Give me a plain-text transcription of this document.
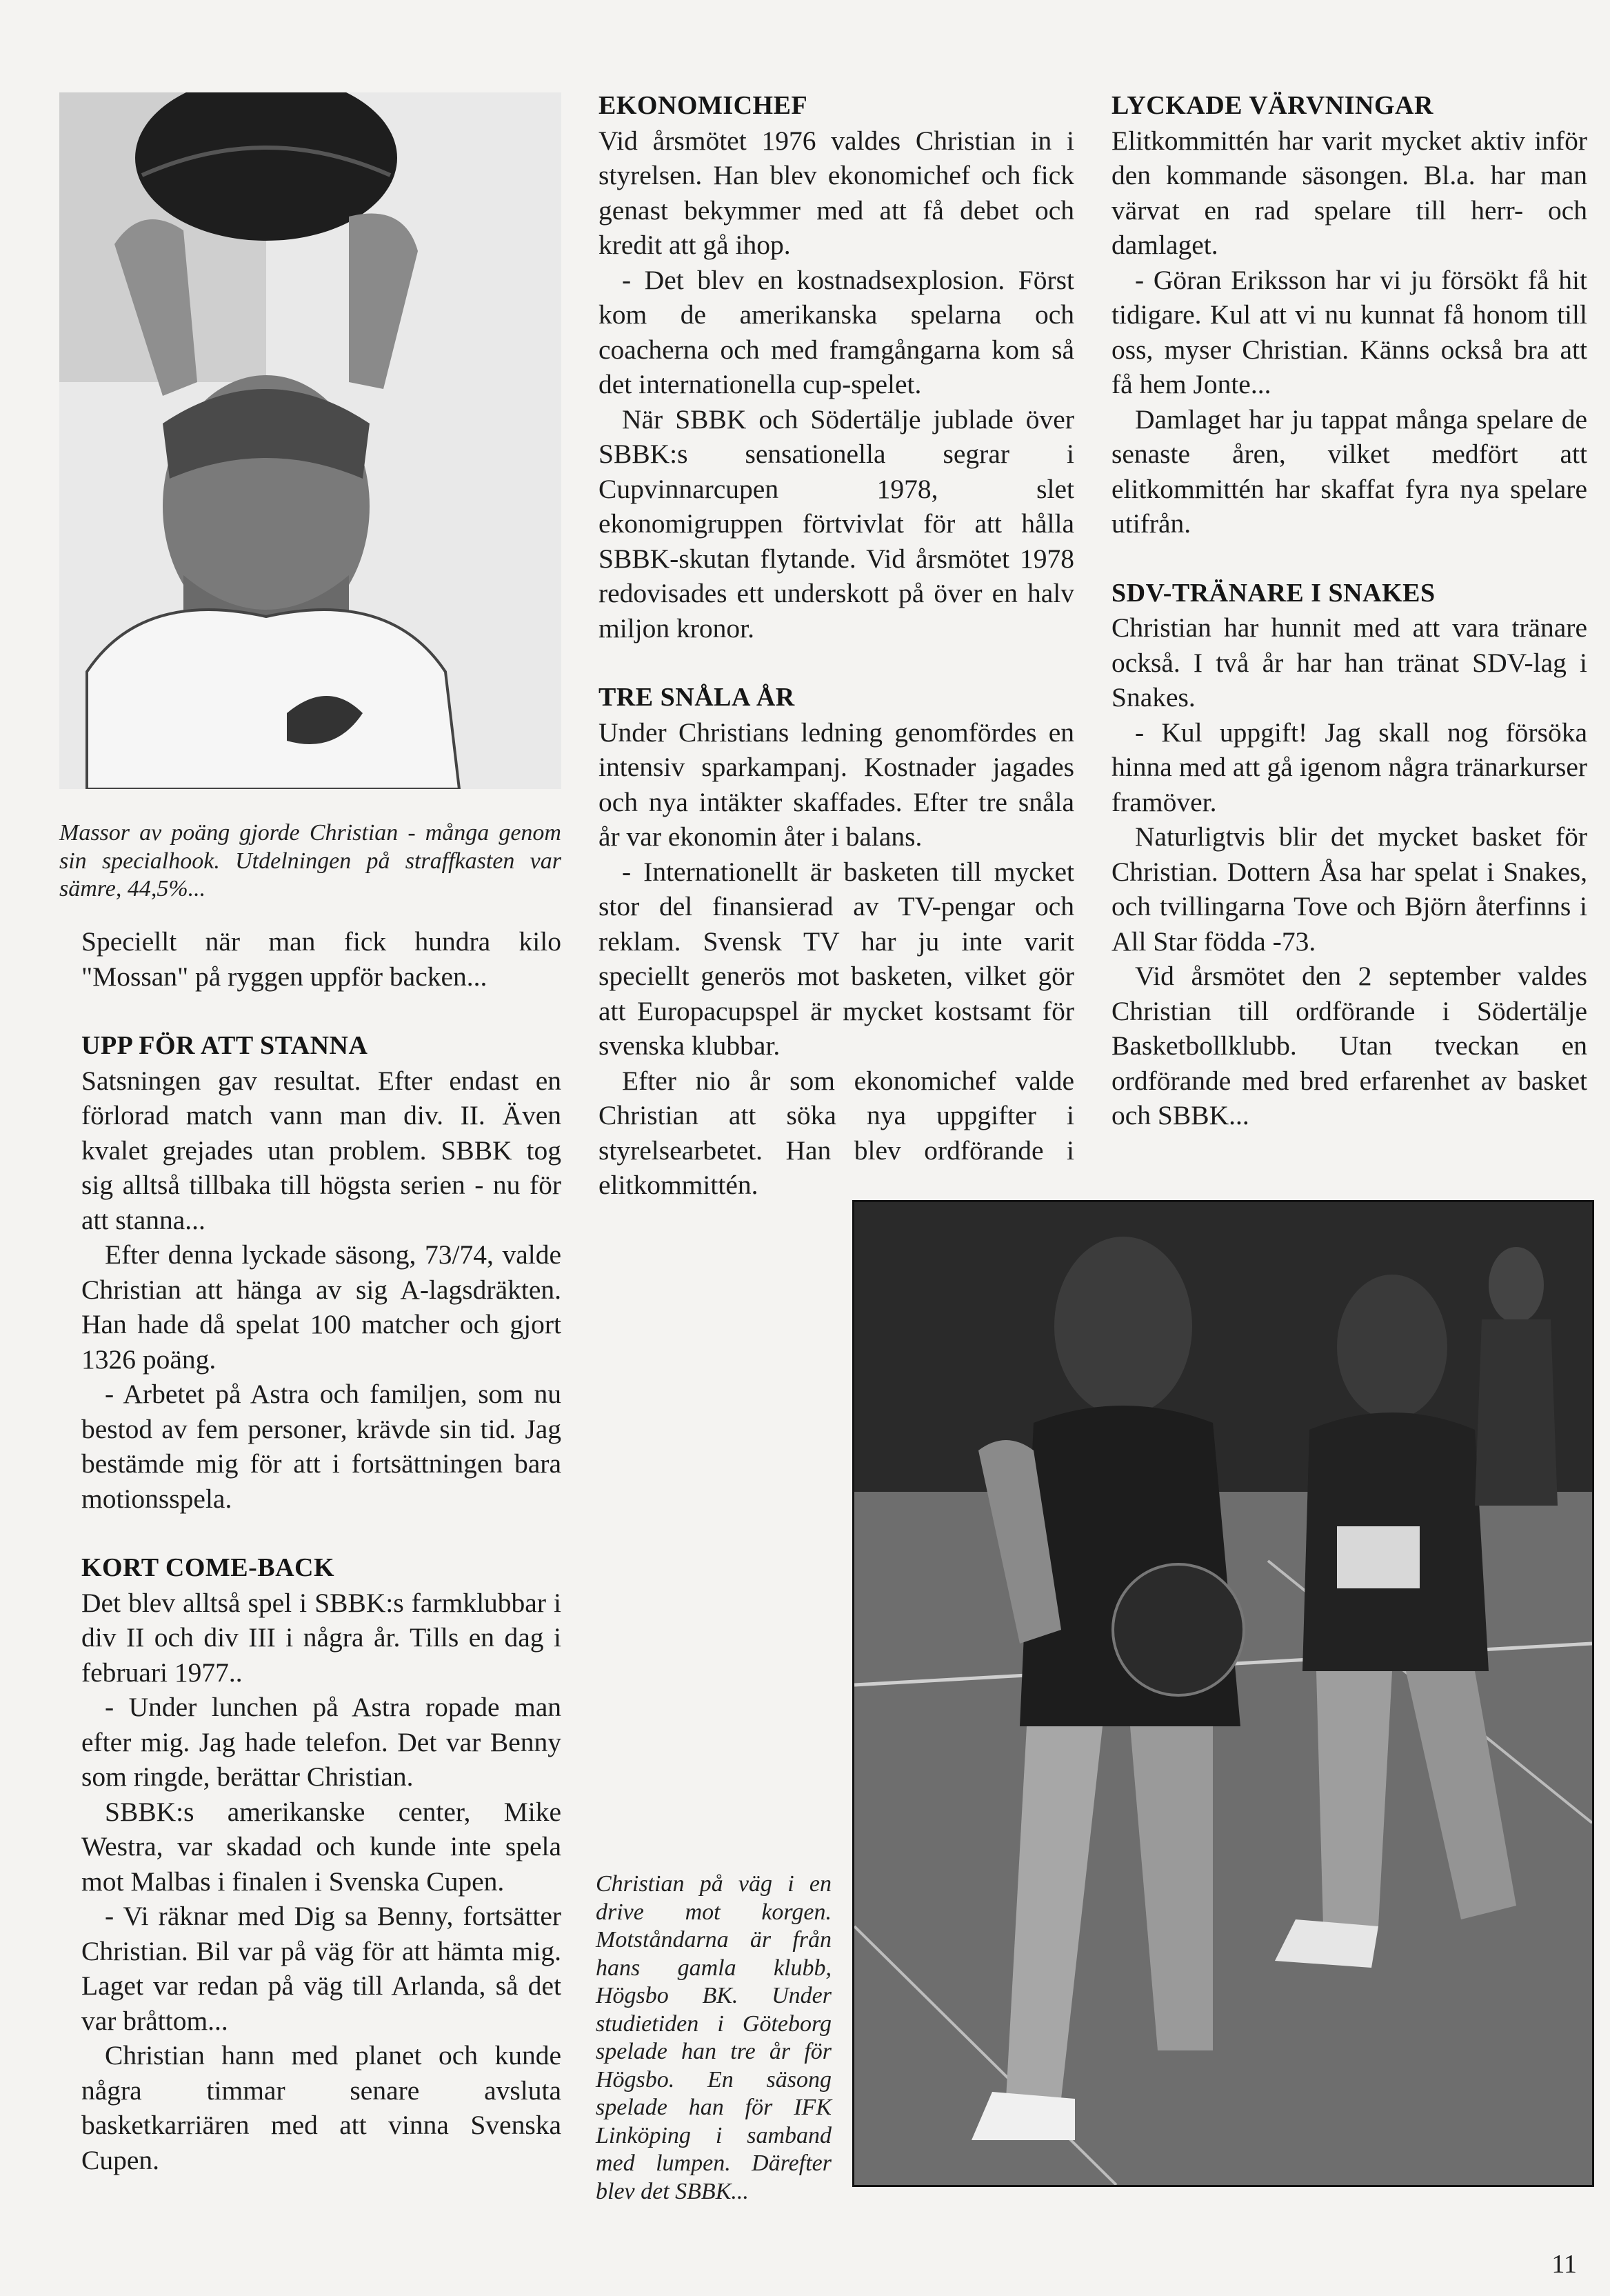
Massor av poäng gjorde Christian - många genom sin specialhook. Utdelningen på straffkasten var sämre, 44,5%...

Speciellt när man fick hundra kilo "Mossan" på ryggen uppför backen...

UPP FÖR ATT STANNA

Satsningen gav resultat. Efter endast en förlorad match vann man div. II. Även kvalet grejades utan problem. SBBK tog sig alltså tillbaka till högsta serien - nu för att stanna...

Efter denna lyckade säsong, 73/74, valde Christian att hänga av sig A-lagsdräkten. Han hade då spelat 100 matcher och gjort 1326 poäng.

- Arbetet på Astra och familjen, som nu bestod av fem personer, krävde sin tid. Jag bestämde mig för att i fortsättningen bara motionsspela.

KORT COME-BACK

Det blev alltså spel i SBBK:s farmklubbar i div II och div III i några år. Tills en dag i februari 1977..

- Under lunchen på Astra ropade man efter mig. Jag hade telefon. Det var Benny som ringde, berättar Christian.

SBBK:s amerikanske center, Mike Westra, var skadad och kunde inte spela mot Malbas i finalen i Svenska Cupen.

- Vi räknar med Dig sa Benny, fortsätter Christian. Bil var på väg för att hämta mig. Laget var redan på väg till Arlanda, så det var bråttom...

Christian hann med planet och kunde några timmar senare avsluta basketkarriären med att vinna Svenska Cupen.

EKONOMICHEF

Vid årsmötet 1976 valdes Christian in i styrelsen. Han blev ekonomichef och fick genast bekymmer med att få debet och kredit att gå ihop.

- Det blev en kostnadsexplosion. Först kom de amerikanska spelarna och coacherna och med framgångarna kom så det internationella cup-spelet.

När SBBK och Södertälje jublade över SBBK:s sensationella segrar i Cupvinnarcupen 1978, slet ekonomigruppen förtvivlat för att hålla SBBK-skutan flytande. Vid årsmötet 1978 redovisades ett underskott på över en halv miljon kronor.

TRE SNÅLA ÅR

Under Christians ledning genomfördes en intensiv sparkampanj. Kostnader jagades och nya intäkter skaffades. Efter tre snåla år var ekonomin åter i balans.

- Internationellt är basketen till mycket stor del finansierad av TV-pengar och reklam. Svensk TV har ju inte varit speciellt generös mot basketen, vilket gör att Europacupspel är mycket kostsamt för svenska klubbar.

Efter nio år som ekonomichef valde Christian att söka nya uppgifter i styrelsearbetet. Han blev ordförande i elitkommittén.

LYCKADE VÄRVNINGAR

Elitkommittén har varit mycket aktiv inför den kommande säsongen. Bl.a. har man värvat en rad spelare till herr- och damlaget.

- Göran Eriksson har vi ju försökt få hit tidigare. Kul att vi nu kunnat få honom till oss, myser Christian. Känns också bra att få hem Jonte...

Damlaget har ju tappat många spelare de senaste åren, vilket medfört att elitkommittén har skaffat fyra nya spelare utifrån.

SDV-TRÄNARE I SNAKES

Christian har hunnit med att vara tränare också. I två år har han tränat SDV-lag i Snakes.

- Kul uppgift! Jag skall nog försöka hinna med att gå igenom några tränarkurser framöver.

Naturligtvis blir det mycket basket för Christian. Dottern Åsa har spelat i Snakes, och tvillingarna Tove och Björn återfinns i All Star födda -73.

Vid årsmötet den 2 september valdes Christian till ordförande i Södertälje Basketbollklubb. Utan tveckan en ordförande med bred erfarenhet av basket och SBBK...

Christian på väg i en drive mot korgen. Motståndarna är från hans gamla klubb, Högsbo BK. Under studietiden i Göteborg spelade han tre år för Högsbo. En säsong spelade han för IFK Linköping i samband med lumpen. Därefter blev det SBBK...
11
